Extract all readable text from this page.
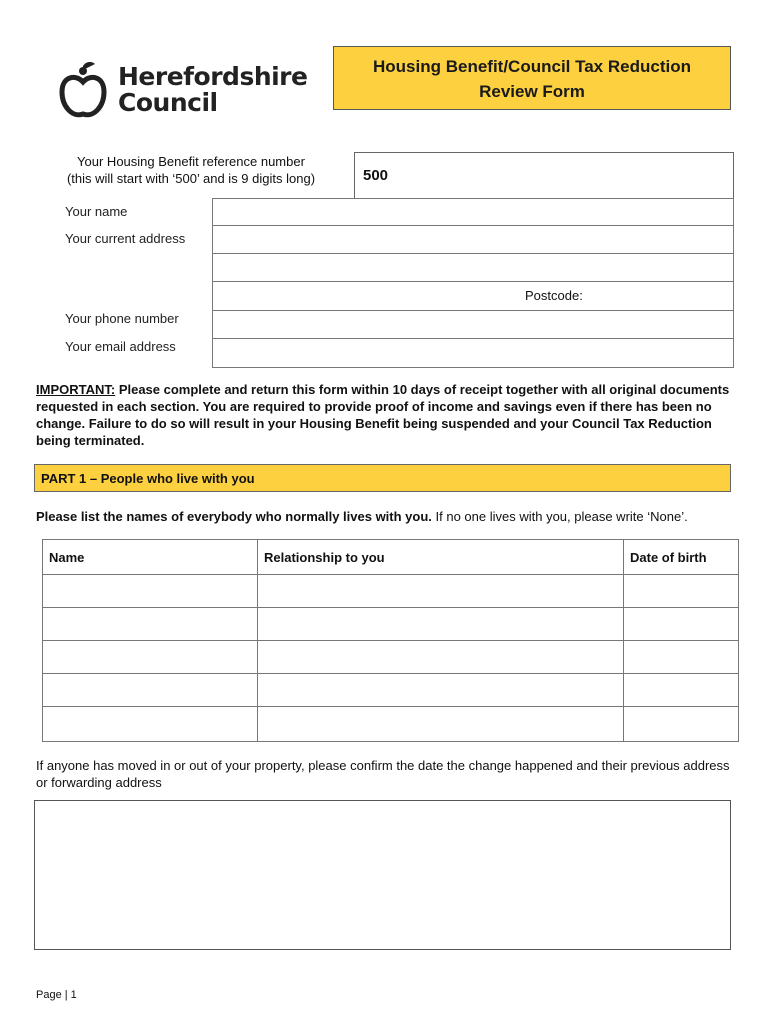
Herefordshire
Council
Housing Benefit/Council Tax Reduction
Review Form
Your Housing Benefit reference number
(this will start with ‘500’ and is 9 digits long)	500
Your name
Your current address
Postcode:
Your phone number
Your email address
IMPORTANT: Please complete and return this form within 10 days of receipt together with all original documents requested in each section. You are required to provide proof of income and savings even if there has been no change. Failure to do so will result in your Housing Benefit being suspended and your Council Tax Reduction being terminated.
PART 1 – People who live with you
Please list the names of everybody who normally lives with you. If no one lives with you, please write ‘None’.
Name	Relationship to you	Date of birth

If anyone has moved in or out of your property, please confirm the date the change happened and their previous address or forwarding address
Page | 1
